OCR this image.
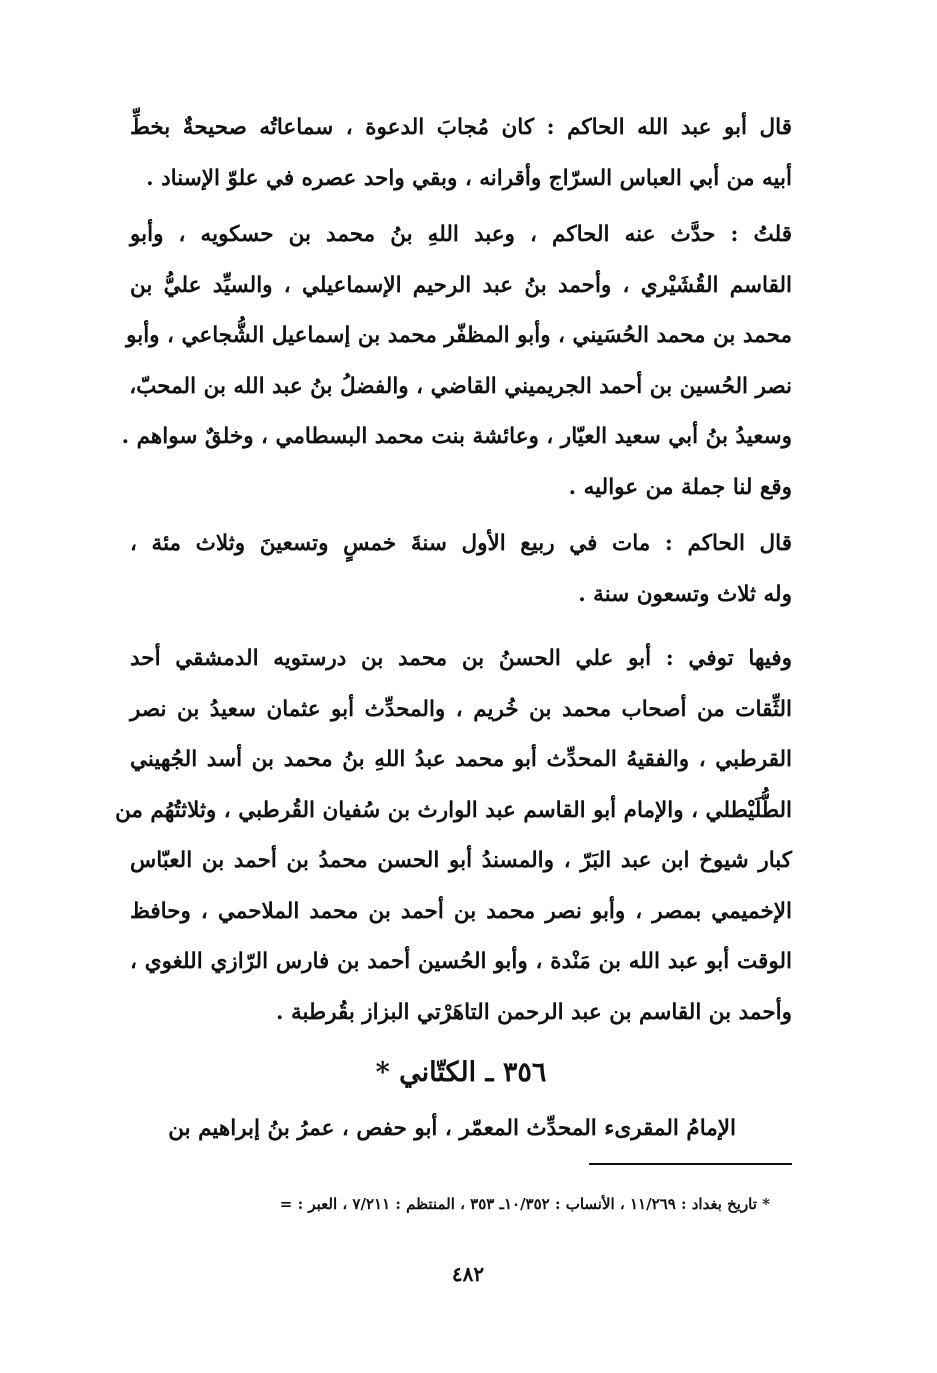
قال أبو عبد الله الحاكم : كان مُجابَ الدعوة ، سماعاتُه صحيحةٌ بخطِّ
أبيه من أبي العباس السرّاج وأقرانه ، وبقي واحد عصره في علوّ الإسناد .
قلتُ : حدَّث عنه الحاكم ، وعبد اللهِ بنُ محمد بن حسكويه ، وأبو
القاسم القُشَيْري ، وأحمد بنُ عبد الرحيم الإسماعيلي ، والسيِّد عليُّ بن
محمد بن محمد الحُسَيني ، وأبو المظفّر محمد بن إسماعيل الشُّجاعي ، وأبو
نصر الحُسين بن أحمد الجريميني القاضي ، والفضلُ بنُ عبد الله بن المحبّ،
وسعيدُ بنُ أبي سعيد العيّار ، وعائشة بنت محمد البسطامي ، وخلقٌ سواهم .
وقع لنا جملة من عواليه .
قال الحاكم : مات في ربيع الأول سنةَ خمسٍ وتسعينَ وثلاث مئة ،
وله ثلاث وتسعون سنة .
وفيها توفي : أبو علي الحسنُ بن محمد بن درستويه الدمشقي أحد
الثِّقات من أصحاب محمد بن خُريم ، والمحدِّث أبو عثمان سعيدُ بن نصر
القرطبي ، والفقيهُ المحدِّث أبو محمد عبدُ اللهِ بنُ محمد بن أسد الجُهيني
الطُّلَيْطلي ، والإمام أبو القاسم عبد الوارث بن سُفيان القُرطبي ، وثلاثتُهُم من
كبار شيوخ ابن عبد البَرّ ، والمسندُ أبو الحسن محمدُ بن أحمد بن العبّاس
الإخميمي بمصر ، وأبو نصر محمد بن أحمد بن محمد الملاحمي ، وحافظ
الوقت أبو عبد الله بن مَنْدة ، وأبو الحُسين أحمد بن فارس الرّازي اللغوي ،
وأحمد بن القاسم بن عبد الرحمن التاهَرْتي البزاز بقُرطبة .
٣٥٦ ـ الكتّاني *
الإمامُ المقرىء المحدِّث المعمّر ، أبو حفص ، عمرُ بنُ إبراهيم بن
* تاريخ بغداد : ١١/٢٦٩ ، الأنساب : ١٠/٣٥٢ـ ٣٥٣ ، المنتظم : ٧/٢١١ ، العبر : =
٤٨٢
